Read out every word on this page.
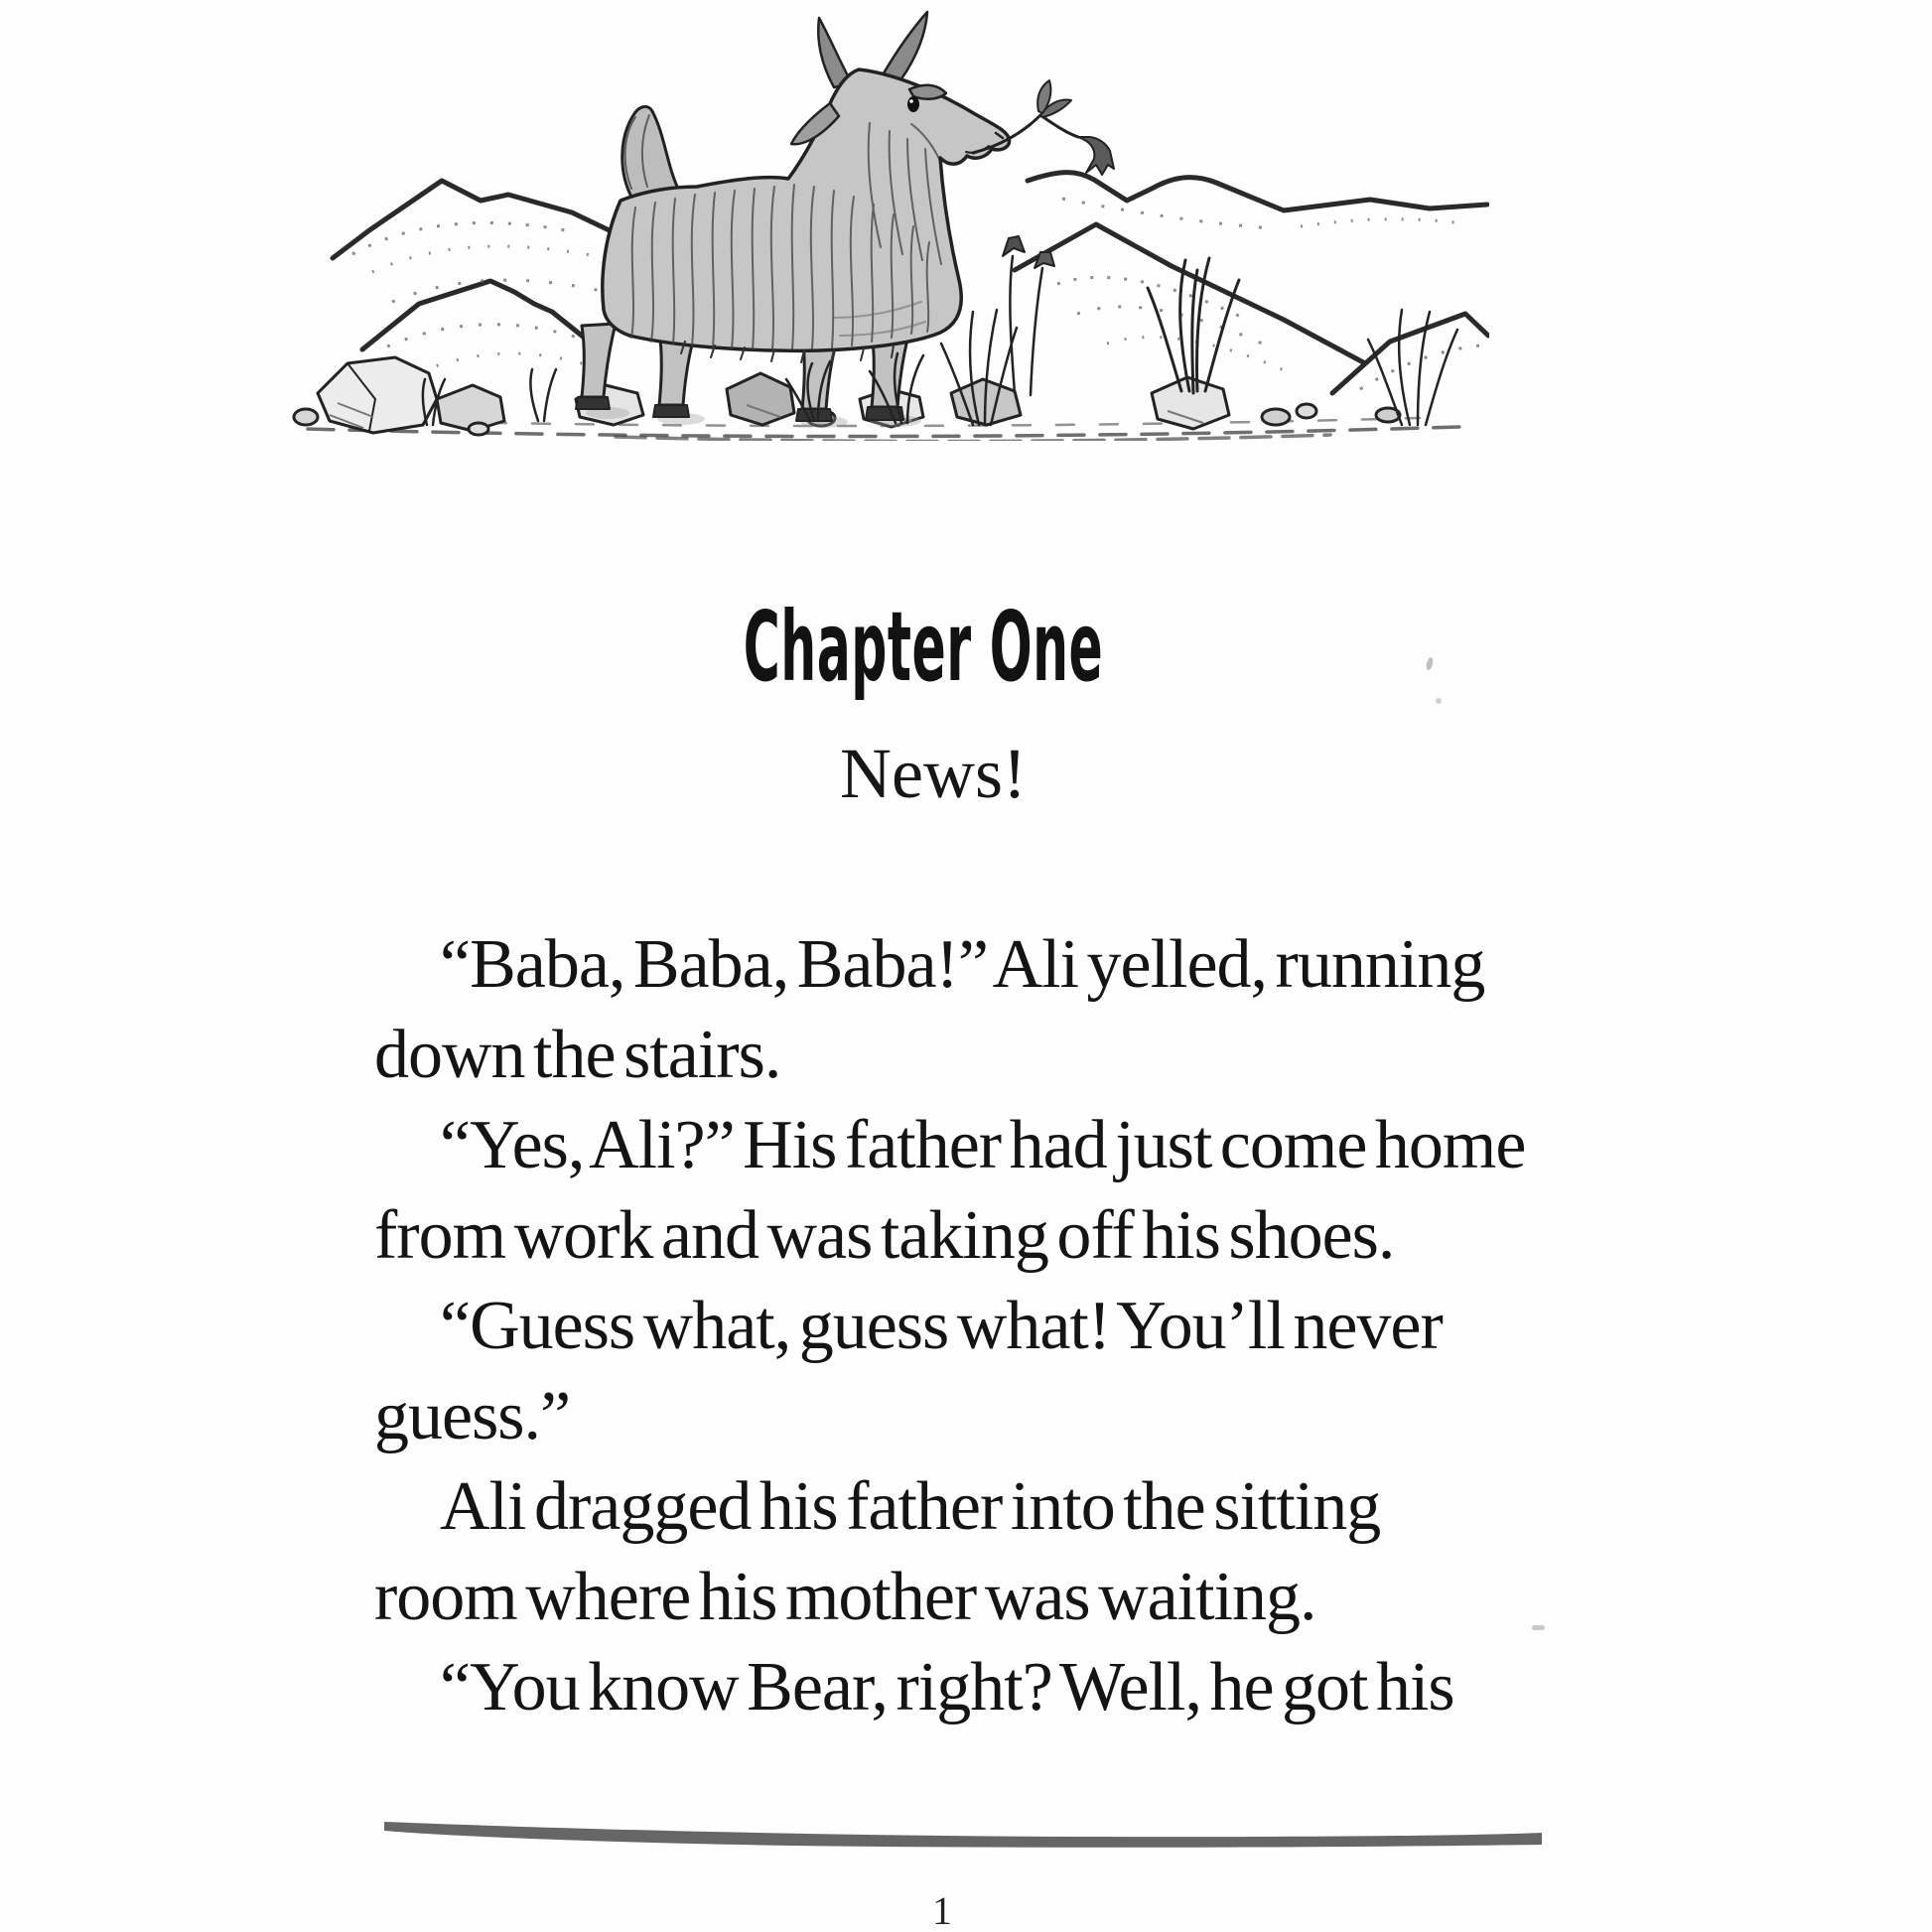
Chapter One
News!
“Baba, Baba, Baba!” Ali yelled, running
down the stairs.
“Yes, Ali?” His father had just come home
from work and was taking off his shoes.
“Guess what, guess what! You’ll never
guess.”
Ali dragged his father into the sitting
room where his mother was waiting.
“You know Bear, right? Well, he got his
1
